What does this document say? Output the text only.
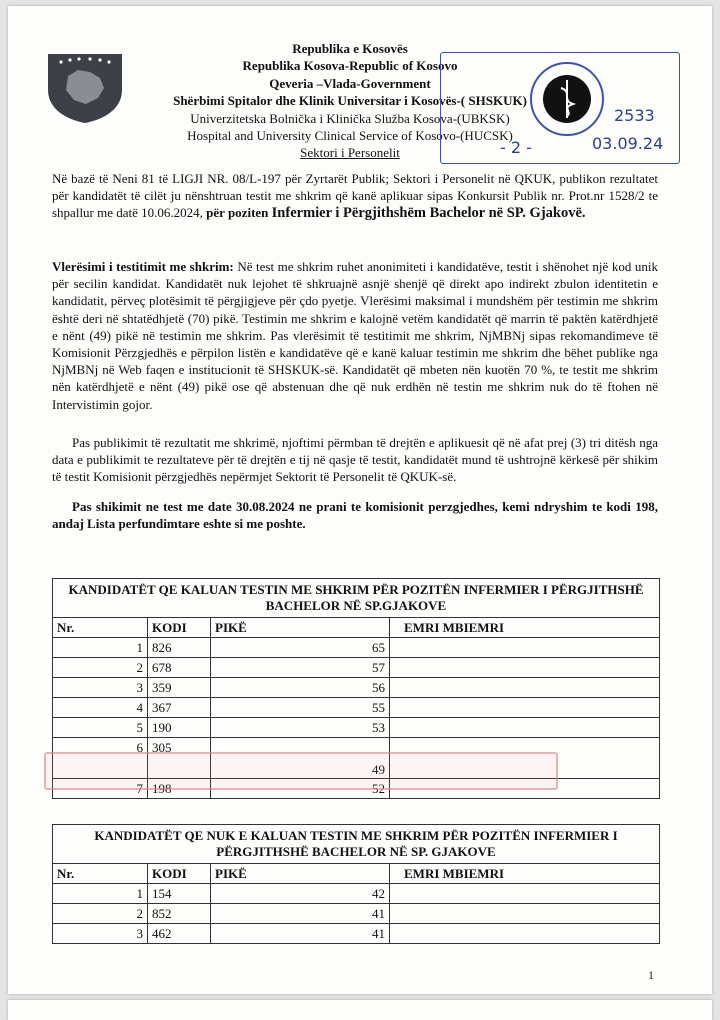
Republika e Kosovës
Republika Kosova-Republic of Kosovo
Qeveria –Vlada-Government
Shërbimi Spitalor dhe Klinik Universitar i Kosovës-( SHSKUK)
Univerzitetska Bolnička i Klinička Služba Kosova-(UBKSK)
Hospital and University Clinical Service of Kosovo-(HUCSK)
Sektori i Personelit
2533
- 2 -	03.09.24
Në bazë të Neni 81 të LIGJI NR. 08/L-197 për Zyrtarët Publik; Sektori i Personelit në QKUK, publikon rezultatet për kandidatët të cilët ju nënshtruan testit me shkrim që kanë aplikuar sipas Konkursit Publik nr. Prot.nr 1528/2 te shpallur me datë 10.06.2024, për poziten Infermier i Përgjithshëm Bachelor në SP. Gjakovë.
Vlerësimi i testitimit me shkrim: Në test me shkrim ruhet anonimiteti i kandidatëve, testit i shënohet një kod unik për secilin kandidat. Kandidatët nuk lejohet të shkruajnë asnjë shenjë që direkt apo indirekt zbulon identitetin e kandidatit, përveç plotësimit të përgjigjeve për çdo pyetje. Vlerësimi maksimal i mundshëm për testimin me shkrim është deri në shtatëdhjetë (70) pikë. Testimin me shkrim e kalojnë vetëm kandidatët që marrin të paktën katërdhjetë e nënt (49) pikë në testimin me shkrim. Pas vlerësimit të testitimit me shkrim, NjMBNj sipas rekomandimeve të Komisionit Përzgjedhës e përpilon listën e kandidatëve që e kanë kaluar testimin me shkrim dhe bëhet publike nga NjMBNj në Web faqen e institucionit të SHSKUK-së. Kandidatët që mbeten nën kuotën 70 %, te testit me shkrim nën katërdhjetë e nënt (49) pikë ose që abstenuan dhe që nuk erdhën në testin me shkrim nuk do të ftohen në Intervistimin gojor.
Pas publikimit të rezultatit me shkrimë, njoftimi përmban të drejtën e aplikuesit që në afat prej (3) tri ditësh nga data e publikimit te rezultateve për të drejtën e tij në qasje të testit, kandidatët mund të ushtrojnë kërkesë për shikim të testit Komisionit përzgjedhës nepërmjet Sektorit të Personelit të QKUK-së.
Pas shikimit ne test me date 30.08.2024 ne prani te komisionit perzgjedhes, kemi ndryshim te kodi 198, andaj Lista perfundimtare eshte si me poshte.
KANDIDATËT QE KALUAN TESTIN ME SHKRIM PËR POZITËN INFERMIER I PËRGJITHSHË BACHELOR NË SP.GJAKOVE			
Nr.	KODI	PIKË	EMRI MBIEMRI
1	826	65	
2	678	57	
3	359	56	
4	367	55	
5	190	53	
6	305	49	
7	198	52	
KANDIDATËT QE NUK E KALUAN TESTIN ME SHKRIM PËR POZITËN INFERMIER I PËRGJITHSHË BACHELOR NË SP. GJAKOVE			
Nr.	KODI	PIKË	EMRI MBIEMRI
1	154	42	
2	852	41	
3	462	41	
1
